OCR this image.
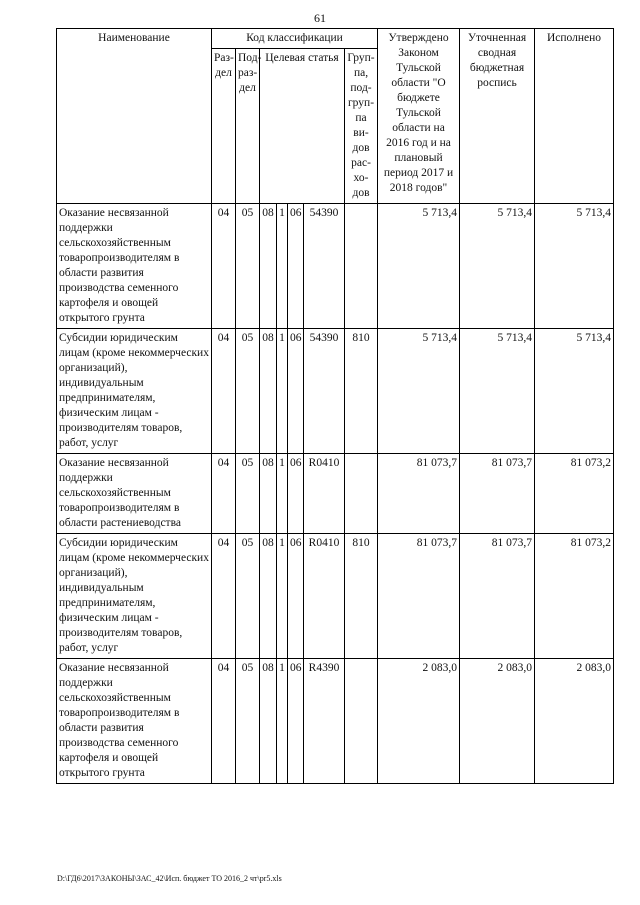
61
Наименование	Код классификации							Утверждено Законом Тульской области "О бюджете Тульской области на 2016 год и на плановый период 2017 и 2018 годов"	Уточненная сводная бюджетная роспись	Исполнено
	Раз-дел	Под-раз-дел	Целевая статья				Груп-па, под-груп-па ви-дов рас-хо-дов			
Оказание несвязанной поддержки сельскохозяйственным товаропроизводителям в области развития производства семенного картофеля и овощей открытого грунта	04	05	08	1	06	54390		5 713,4	5 713,4	5 713,4
Субсидии юридическим лицам (кроме некоммерческих организаций), индивидуальным предпринимателям, физическим лицам - производителям товаров, работ, услуг	04	05	08	1	06	54390	810	5 713,4	5 713,4	5 713,4
Оказание несвязанной поддержки сельскохозяйственным товаропроизводителям в области растениеводства	04	05	08	1	06	R0410		81 073,7	81 073,7	81 073,2
Субсидии юридическим лицам (кроме некоммерческих организаций), индивидуальным предпринимателям, физическим лицам - производителям товаров, работ, услуг	04	05	08	1	06	R0410	810	81 073,7	81 073,7	81 073,2
Оказание несвязанной поддержки сельскохозяйственным товаропроизводителям в области развития производства семенного картофеля и овощей открытого грунта	04	05	08	1	06	R4390		2 083,0	2 083,0	2 083,0
D:\ГД6\2017\ЗАКОНЫ\ЗАС_42\Исп. бюджет ТО 2016_2 чт\pr5.xls
